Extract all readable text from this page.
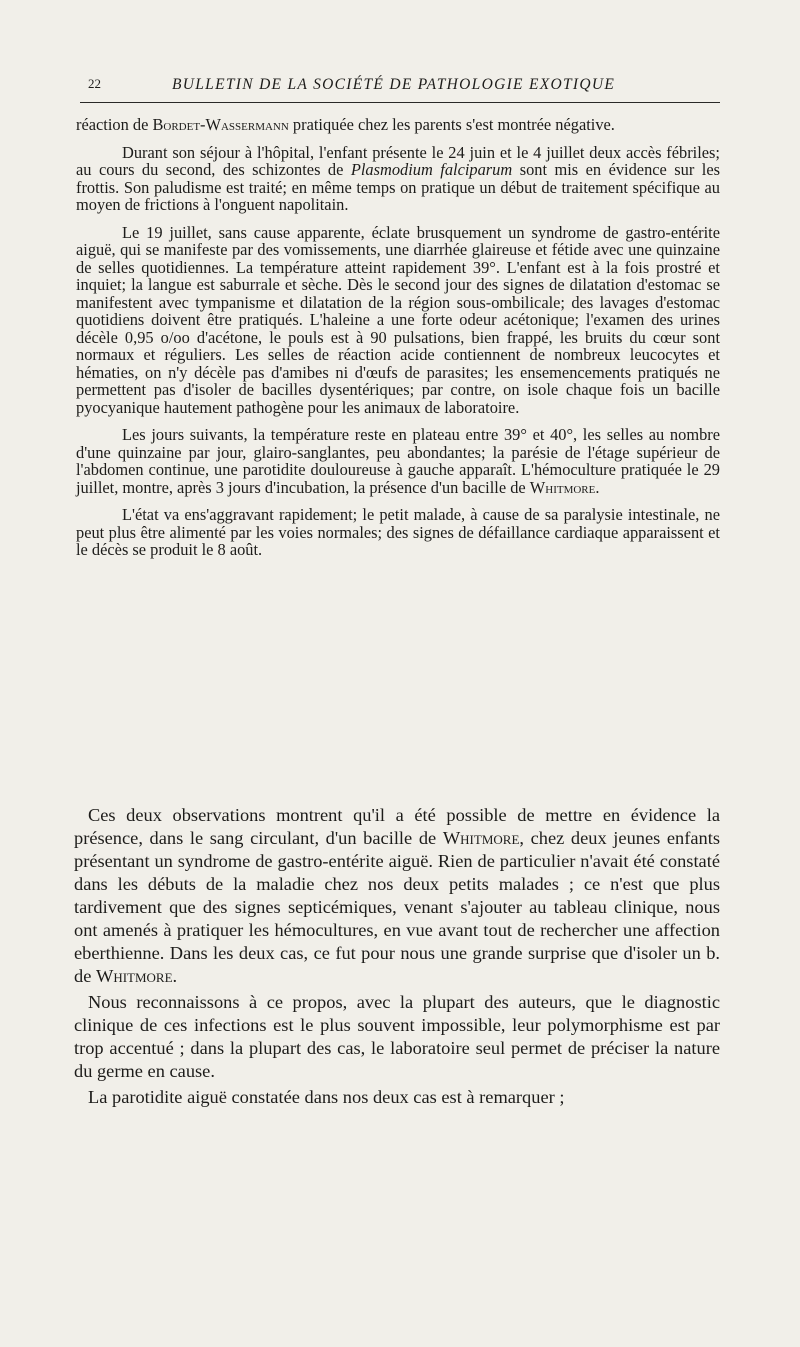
22	BULLETIN DE LA SOCIÉTÉ DE PATHOLOGIE EXOTIQUE

réaction de Bordet-Wassermann pratiquée chez les parents s'est montrée négative.

Durant son séjour à l'hôpital, l'enfant présente le 24 juin et le 4 juillet deux accès fébriles; au cours du second, des schizontes de Plasmodium falciparum sont mis en évidence sur les frottis. Son paludisme est traité; en même temps on pratique un début de traitement spécifique au moyen de frictions à l'onguent napolitain.

Le 19 juillet, sans cause apparente, éclate brusquement un syndrome de gastro-entérite aiguë, qui se manifeste par des vomissements, une diarrhée glaireuse et fétide avec une quinzaine de selles quotidiennes. La température atteint rapidement 39°. L'enfant est à la fois prostré et inquiet; la langue est saburrale et sèche. Dès le second jour des signes de dilatation d'estomac se manifestent avec tympanisme et dilatation de la région sous-ombilicale; des lavages d'estomac quotidiens doivent être pratiqués. L'haleine a une forte odeur acétonique; l'examen des urines décèle 0,95 o/oo d'acétone, le pouls est à 90 pulsations, bien frappé, les bruits du cœur sont normaux et réguliers. Les selles de réaction acide contiennent de nombreux leucocytes et hématies, on n'y décèle pas d'amibes ni d'œufs de parasites; les ensemencements pratiqués ne permettent pas d'isoler de bacilles dysentériques; par contre, on isole chaque fois un bacille pyocyanique hautement pathogène pour les animaux de laboratoire.

Les jours suivants, la température reste en plateau entre 39° et 40°, les selles au nombre d'une quinzaine par jour, glairo-sanglantes, peu abondantes; la parésie de l'étage supérieur de l'abdomen continue, une parotidite douloureuse à gauche apparaît. L'hémoculture pratiquée le 29 juillet, montre, après 3 jours d'incubation, la présence d'un bacille de Whitmore.

L'état va ens'aggravant rapidement; le petit malade, à cause de sa paralysie intestinale, ne peut plus être alimenté par les voies normales; des signes de défaillance cardiaque apparaissent et le décès se produit le 8 août.

Ces deux observations montrent qu'il a été possible de mettre en évidence la présence, dans le sang circulant, d'un bacille de Whitmore, chez deux jeunes enfants présentant un syndrome de gastro-entérite aiguë. Rien de particulier n'avait été constaté dans les débuts de la maladie chez nos deux petits malades ; ce n'est que plus tardivement que des signes septicémiques, venant s'ajouter au tableau clinique, nous ont amenés à pratiquer les hémocultures, en vue avant tout de rechercher une affection eberthienne. Dans les deux cas, ce fut pour nous une grande surprise que d'isoler un b. de Whitmore.

Nous reconnaissons à ce propos, avec la plupart des auteurs, que le diagnostic clinique de ces infections est le plus souvent impossible, leur polymorphisme est par trop accentué ; dans la plupart des cas, le laboratoire seul permet de préciser la nature du germe en cause.

La parotidite aiguë constatée dans nos deux cas est à remarquer ;
